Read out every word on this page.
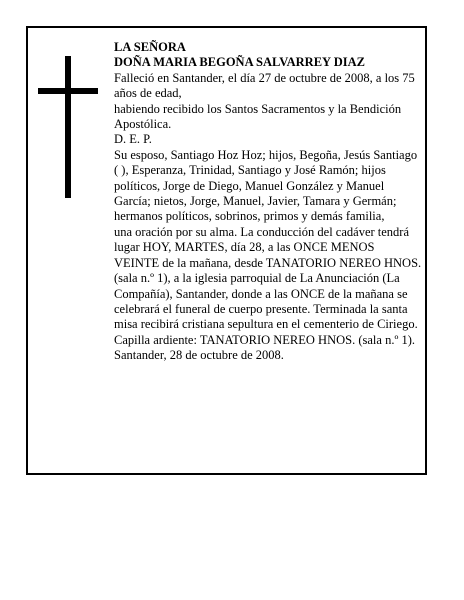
LA SEÑORA

DOÑA MARIA BEGOÑA SALVARREY DIAZ

Falleció en Santander, el día 27 de octubre de 2008, a los 75 años de edad,

habiendo recibido los Santos Sacramentos y la Bendición Apostólica.

D. E. P.

Su esposo, Santiago Hoz Hoz; hijos, Begoña, Jesús Santiago ( ), Esperanza, Trinidad, Santiago y José Ramón; hijos políticos, Jorge de Diego, Manuel González y Manuel García; nietos, Jorge, Manuel, Javier, Tamara y Germán; hermanos políticos, sobrinos, primos y demás familia,

una oración por su alma. La conducción del cadáver tendrá lugar HOY, MARTES, día 28, a las ONCE MENOS VEINTE de la mañana, desde TANATORIO NEREO HNOS. (sala n.º 1), a la iglesia parroquial de La Anunciación (La Compañía), Santander, donde a las ONCE de la mañana se celebrará el funeral de cuerpo presente. Terminada la santa misa recibirá cristiana sepultura en el cementerio de Ciriego. Capilla ardiente: TANATORIO NEREO HNOS. (sala n.º 1).

Santander, 28 de octubre de 2008.
